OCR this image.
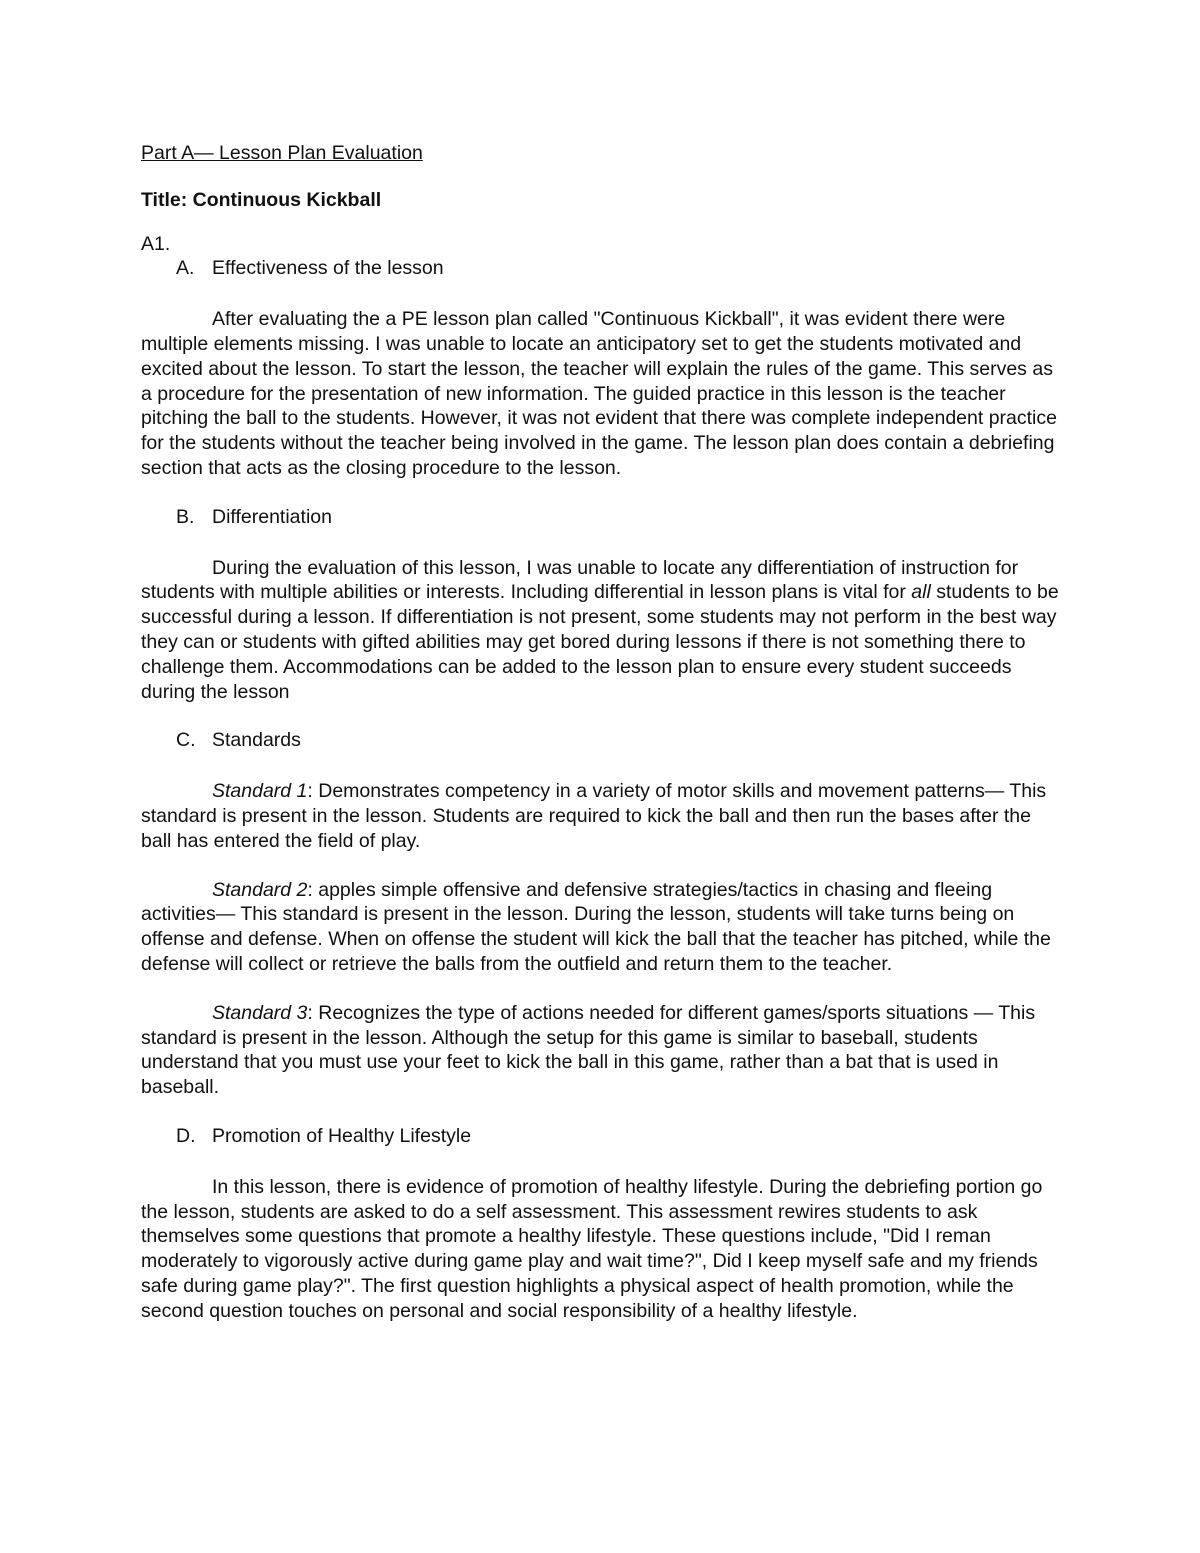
Part A— Lesson Plan Evaluation

Title: Continuous Kickball

A1.

A. Effectiveness of the lesson

After evaluating the a PE lesson plan called "Continuous Kickball", it was evident there were multiple elements missing. I was unable to locate an anticipatory set to get the students motivated and excited about the lesson. To start the lesson, the teacher will explain the rules of the game. This serves as a procedure for the presentation of new information. The guided practice in this lesson is the teacher pitching the ball to the students. However, it was not evident that there was complete independent practice for the students without the teacher being involved in the game. The lesson plan does contain a debriefing section that acts as the closing procedure to the lesson.

B. Differentiation

During the evaluation of this lesson, I was unable to locate any differentiation of instruction for students with multiple abilities or interests. Including differential in lesson plans is vital for all students to be successful during a lesson. If differentiation is not present, some students may not perform in the best way they can or students with gifted abilities may get bored during lessons if there is not something there to challenge them. Accommodations can be added to the lesson plan to ensure every student succeeds during the lesson

C. Standards

Standard 1: Demonstrates competency in a variety of motor skills and movement patterns— This standard is present in the lesson. Students are required to kick the ball and then run the bases after the ball has entered the field of play.

Standard 2: apples simple offensive and defensive strategies/tactics in chasing and fleeing activities— This standard is present in the lesson. During the lesson, students will take turns being on offense and defense. When on offense the student will kick the ball that the teacher has pitched, while the defense will collect or retrieve the balls from the outfield and return them to the teacher.

Standard 3: Recognizes the type of actions needed for different games/sports situations — This standard is present in the lesson. Although the setup for this game is similar to baseball, students understand that you must use your feet to kick the ball in this game, rather than a bat that is used in baseball.

D. Promotion of Healthy Lifestyle

In this lesson, there is evidence of promotion of healthy lifestyle. During the debriefing portion go the lesson, students are asked to do a self assessment. This assessment rewires students to ask themselves some questions that promote a healthy lifestyle. These questions include, "Did I reman moderately to vigorously active during game play and wait time?", Did I keep myself safe and my friends safe during game play?". The first question highlights a physical aspect of health promotion, while the second question touches on personal and social responsibility of a healthy lifestyle.
